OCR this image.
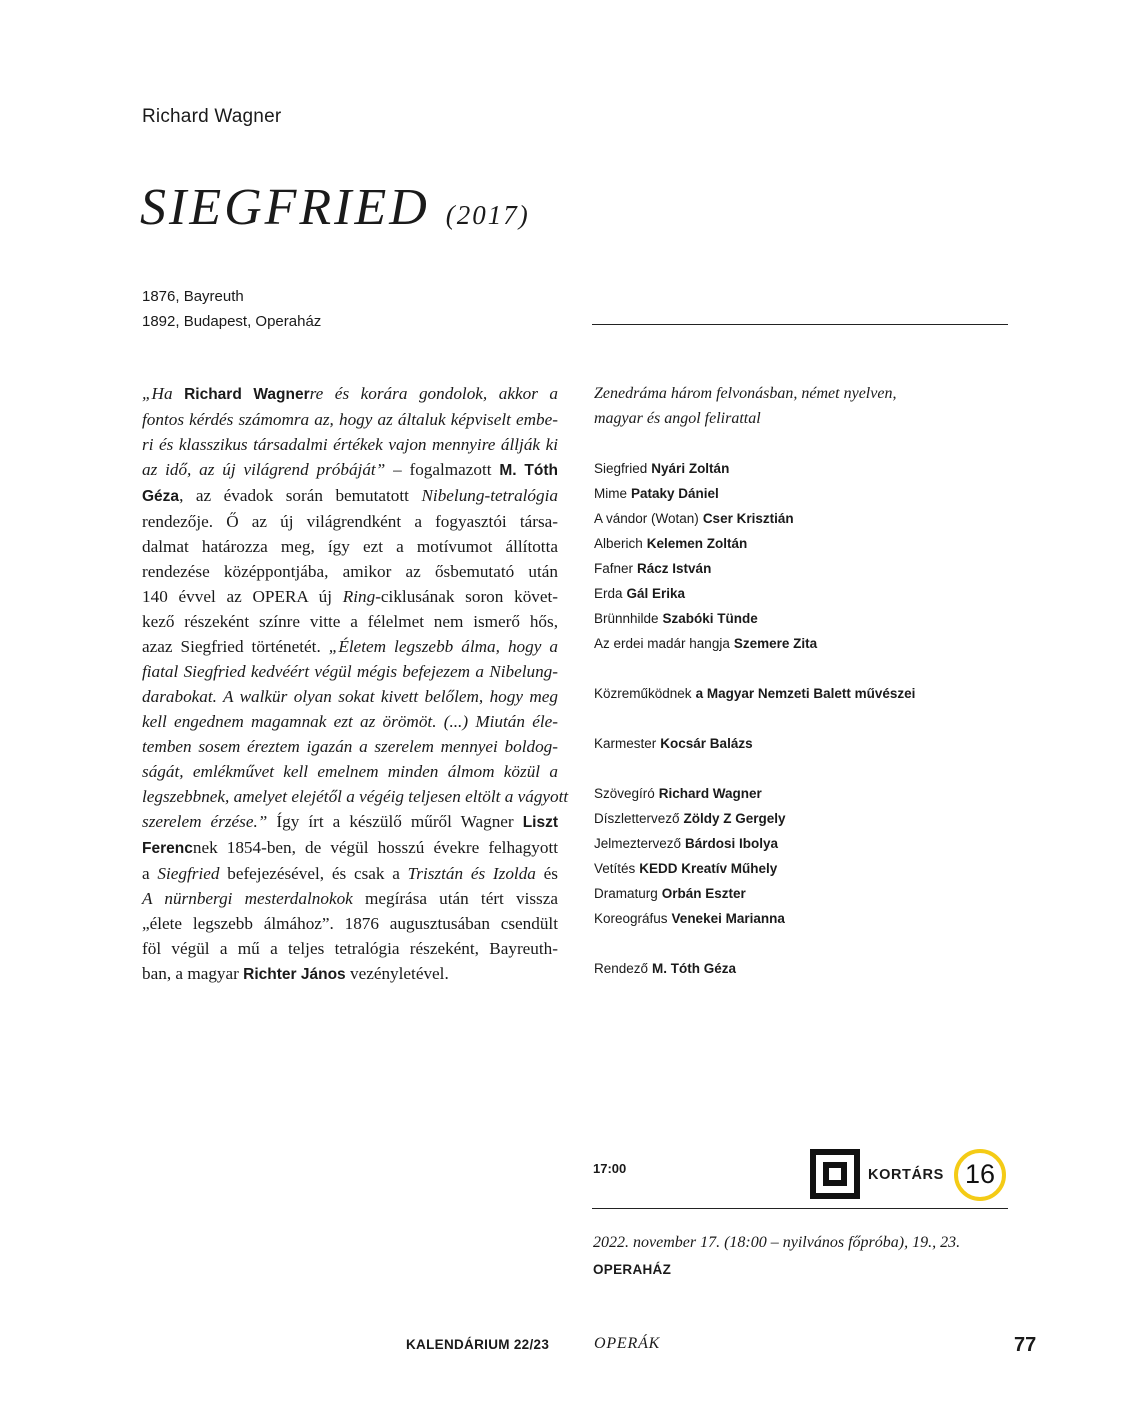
Richard Wagner
SIEGFRIED (2017)
1876, Bayreuth
1892, Budapest, Operaház
„Ha Richard Wagnerre és korára gondolok, akkor a
fontos kérdés számomra az, hogy az általuk képviselt embe-
ri és klasszikus társadalmi értékek vajon mennyire állják ki
az idő, az új világrend próbáját” – fogalmazott M. Tóth
Géza, az évadok során bemutatott Nibelung-tetralógia
rendezője. Ő az új világrendként a fogyasztói társa-
dalmat határozza meg, így ezt a motívumot állította
rendezése középpontjába, amikor az ősbemutató után
140 évvel az OPERA új Ring-ciklusának soron követ-
kező részeként színre vitte a félelmet nem ismerő hős,
azaz Siegfried történetét. „Életem legszebb álma, hogy a
fiatal Siegfried kedvéért végül mégis befejezem a Nibelung-
darabokat. A walkür olyan sokat kivett belőlem, hogy meg
kell engednem magamnak ezt az örömöt. (...) Miután éle-
temben sosem éreztem igazán a szerelem mennyei boldog-
ságát, emlékművet kell emelnem minden álmom közül a
legszebbnek, amelyet elejétől a végéig teljesen eltölt a vágyott
szerelem érzése.” Így írt a készülő műről Wagner Liszt
Ferencnek 1854-ben, de végül hosszú évekre felhagyott
a Siegfried befejezésével, és csak a Trisztán és Izolda és
A nürnbergi mesterdalnokok megírása után tért vissza
„élete legszebb álmához”. 1876 augusztusában csendült
föl végül a mű a teljes tetralógia részeként, Bayreuth-
ban, a magyar Richter János vezényletével.
Zenedráma három felvonásban, német nyelven,
magyar és angol felirattal
Siegfried Nyári Zoltán
Mime Pataky Dániel
A vándor (Wotan) Cser Krisztián
Alberich Kelemen Zoltán
Fafner Rácz István
Erda Gál Erika
Brünnhilde Szabóki Tünde
Az erdei madár hangja Szemere Zita
Közreműködnek a Magyar Nemzeti Balett művészei
Karmester Kocsár Balázs
Szövegíró Richard Wagner
Díszlettervező Zöldy Z Gergely
Jelmeztervező Bárdosi Ibolya
Vetítés KEDD Kreatív Műhely
Dramaturg Orbán Eszter
Koreográfus Venekei Marianna
Rendező M. Tóth Géza
17:00	KORTÁRS 16
2022. november 17. (18:00 – nyilvános főpróba), 19., 23.
OPERAHÁZ
KALENDÁRIUM 22/23	OPERÁK	77
